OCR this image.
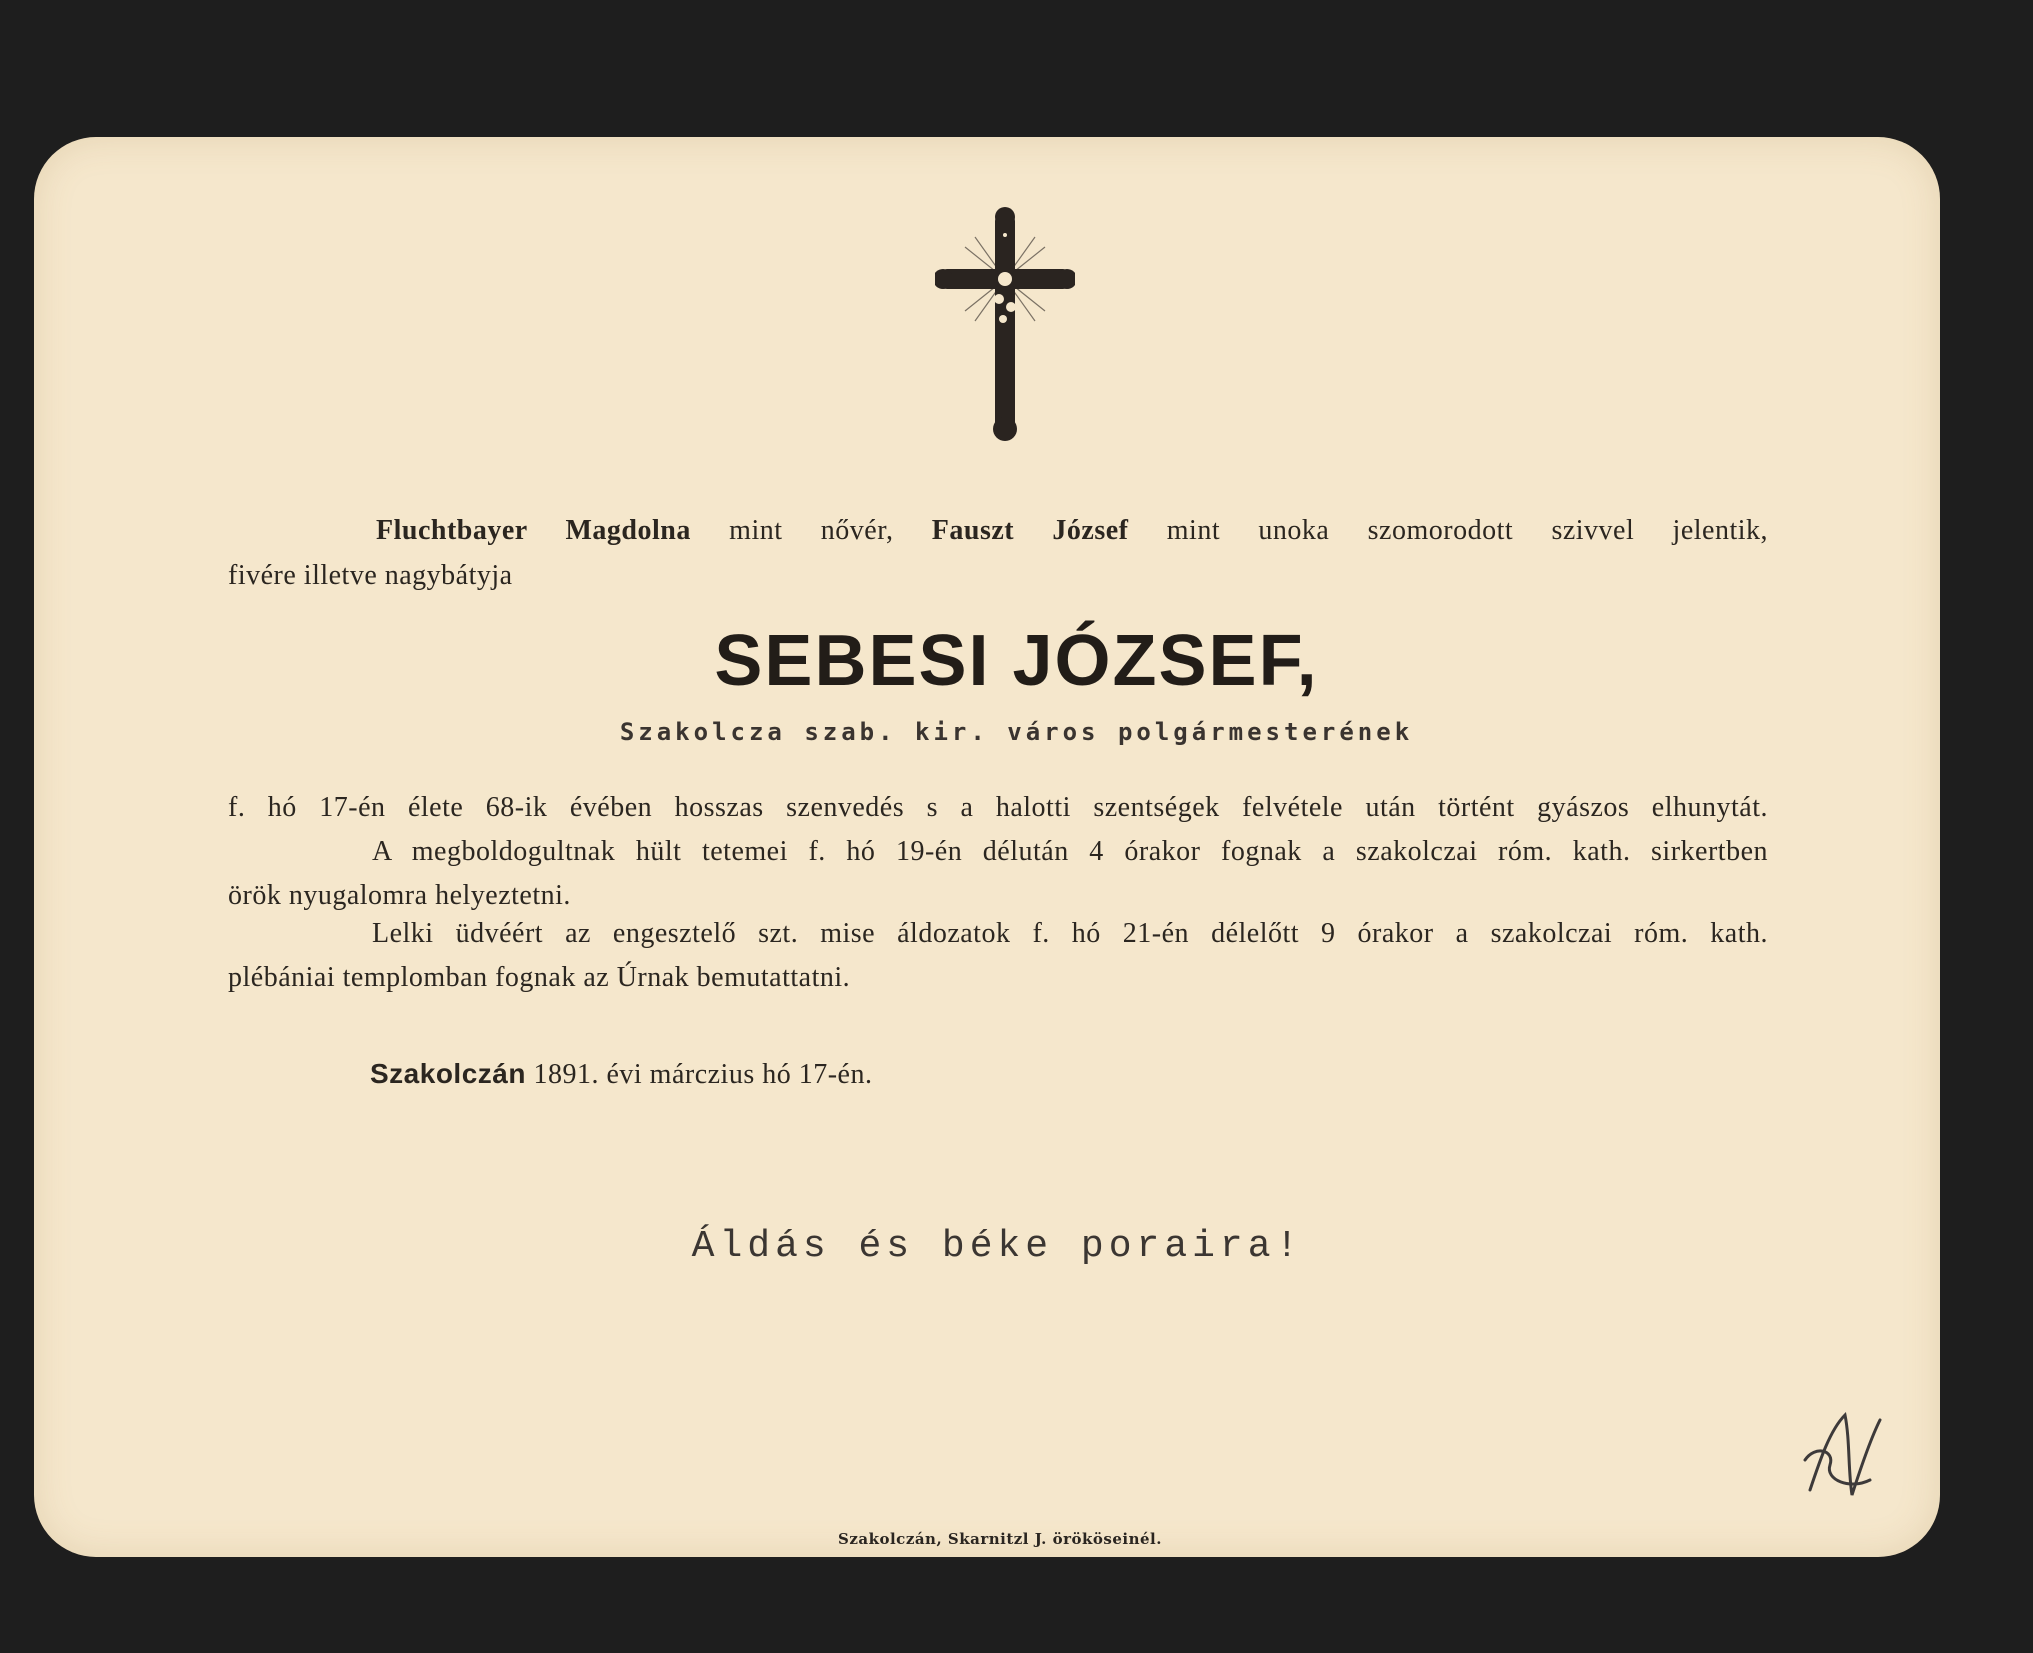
Fluchtbayer Magdolna mint nővér, Fauszt József mint unoka szomorodott szivvel jelentik,
fivére illetve nagybátyja
SEBESI JÓZSEF,
Szakolcza szab. kir. város polgármesterének
f. hó 17-én élete 68-ik évében hosszas szenvedés s a halotti szentségek felvétele után történt gyászos elhunytát.
A megboldogultnak hült tetemei f. hó 19-én délután 4 órakor fognak a szakolczai róm. kath. sirkertben
örök nyugalomra helyeztetni.
Lelki üdvéért az engesztelő szt. mise áldozatok f. hó 21-én délelőtt 9 órakor a szakolczai róm. kath.
plébániai templomban fognak az Úrnak bemutattatni.
Szakolczán 1891. évi márczius hó 17-én.
Áldás és béke poraira!
Szakolczán, Skarnitzl J. örököseinél.
